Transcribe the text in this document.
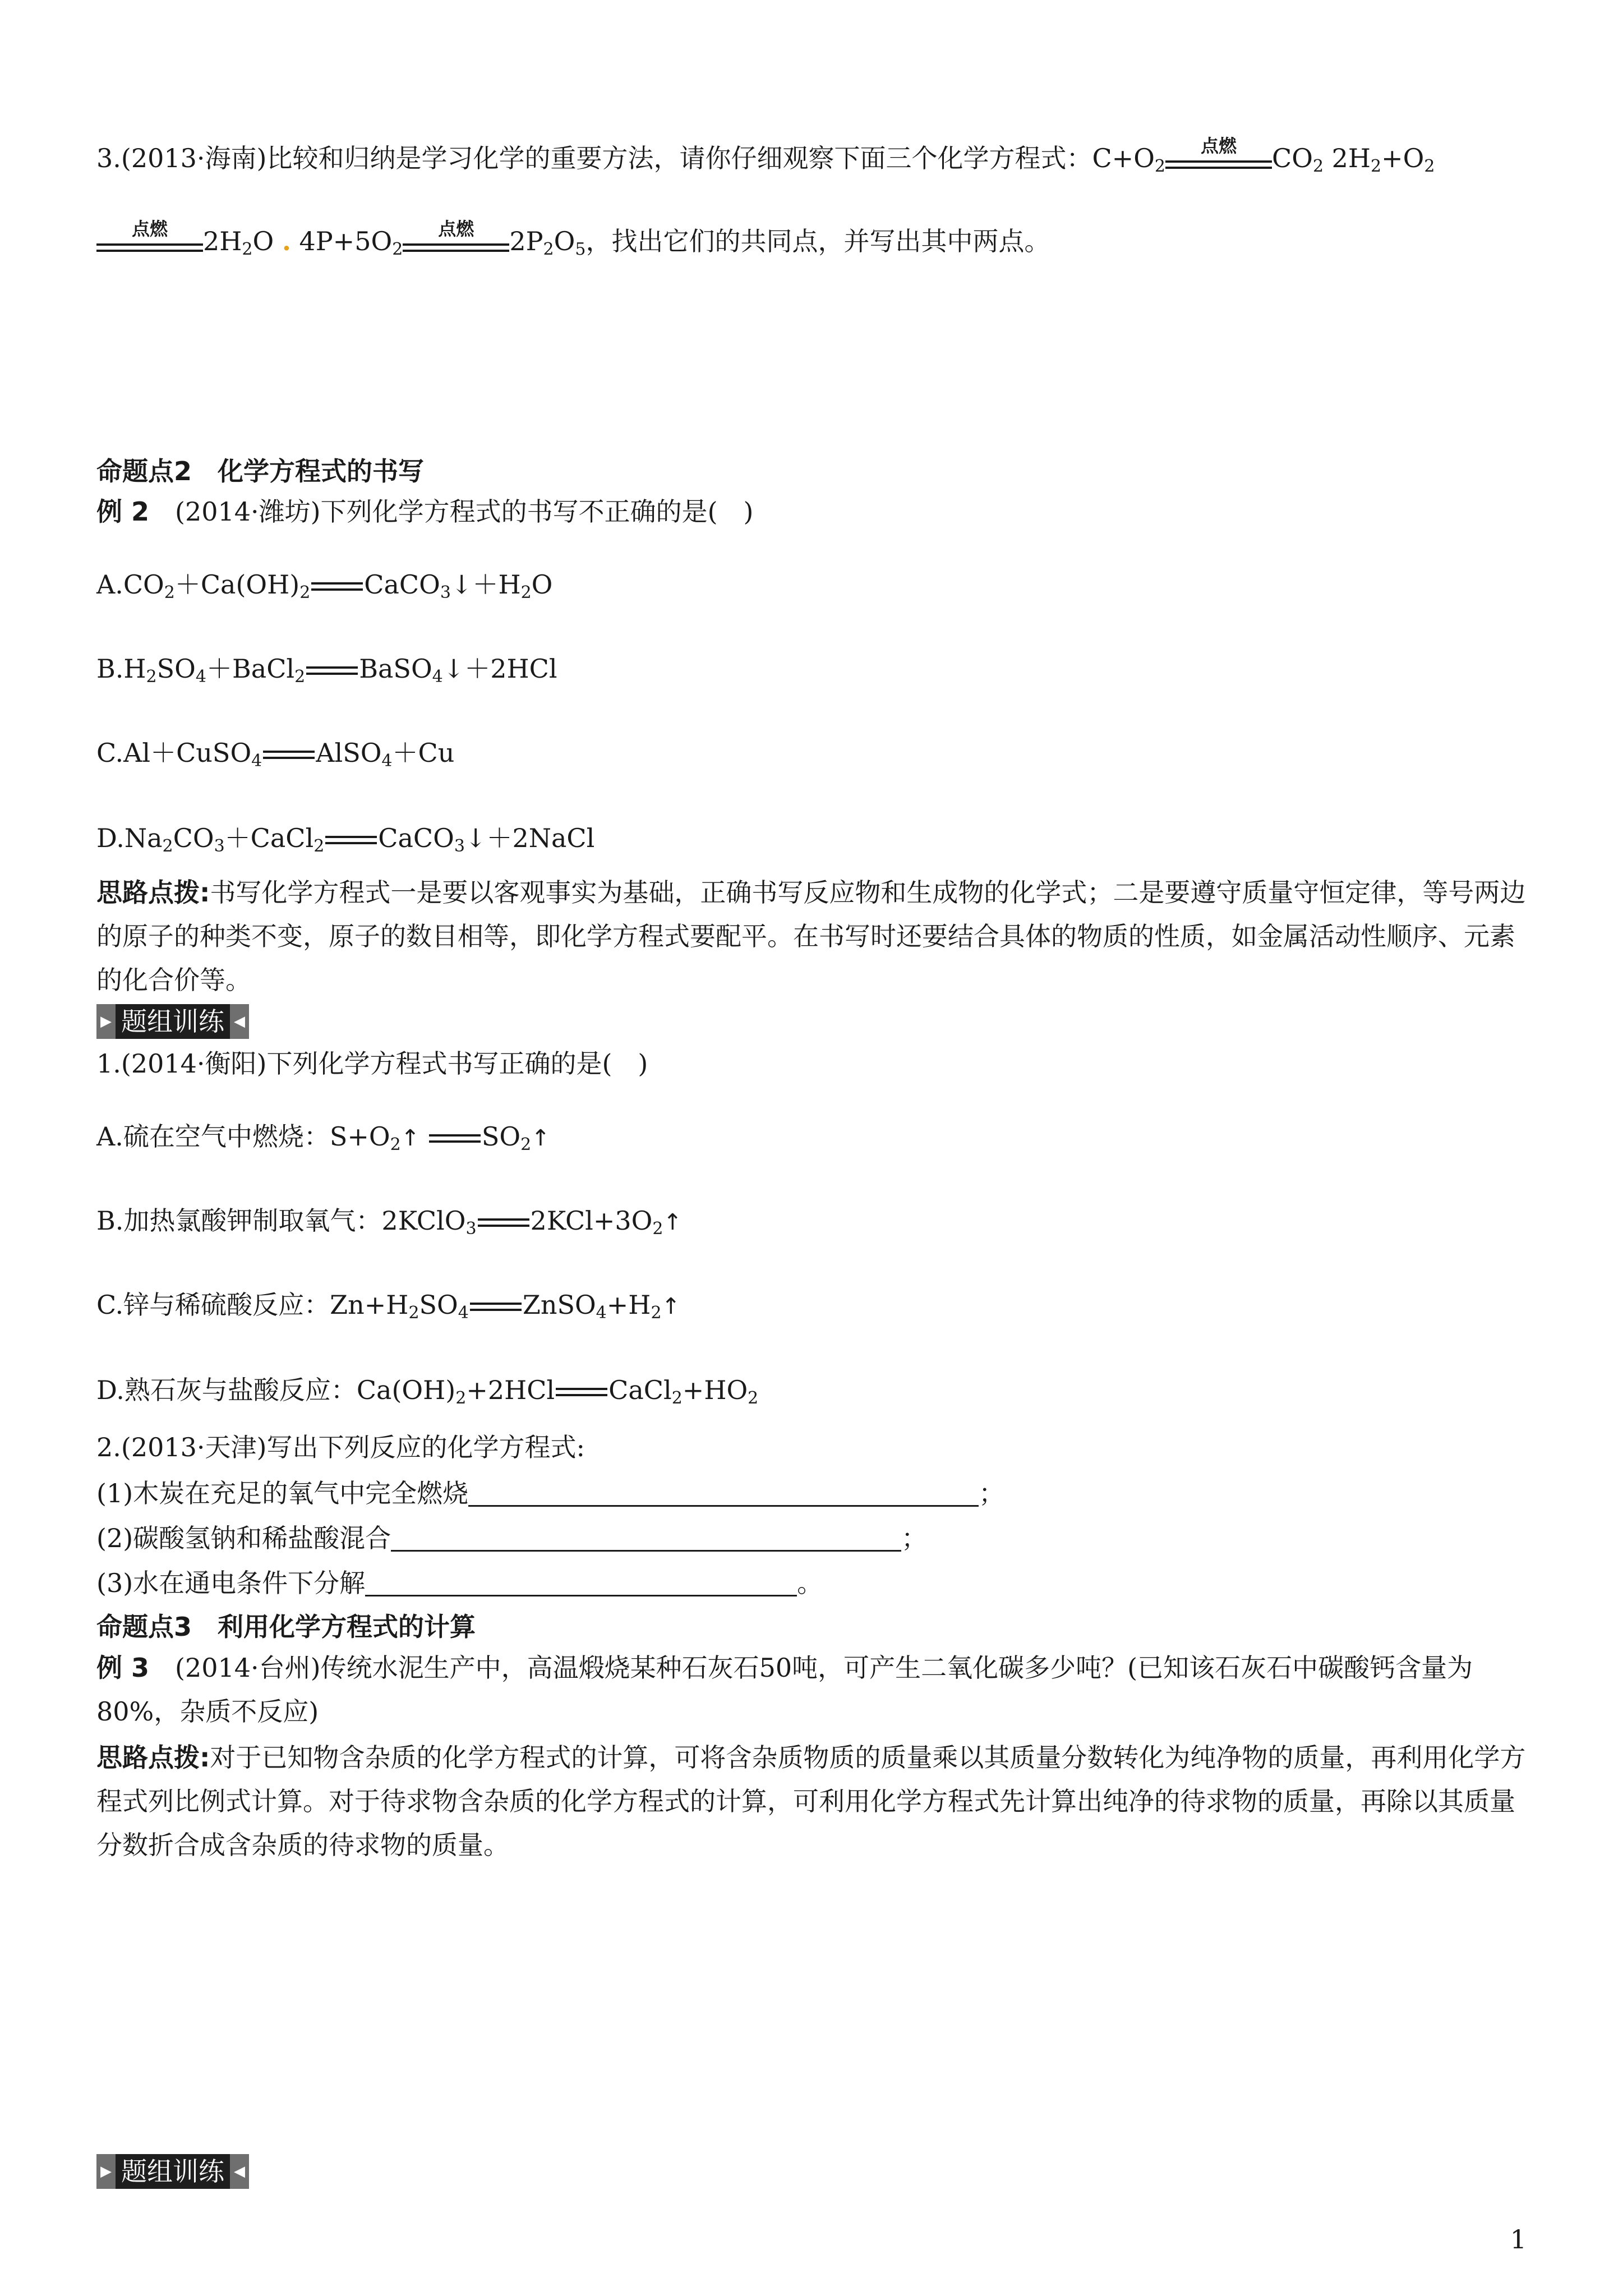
3.(2013·海南)比较和归纳是学习化学的重要方法，请你仔细观察下面三个化学方程式：$C+O_2$
点燃	$CO_2$ $2H_2+O_2$
点燃	$2H_2O$ . $4P+5O_2$
点燃	$2P_2O_5$，找出它们的共同点，并写出其中两点。
命题点2　化学方程式的书写
例 2　(2014·潍坊)下列化学方程式的书写不正确的是(　)
$A.CO_2+Ca(OH)_2$ $CaCO_3↓+H_2O$
$B.H_2SO_4+BaCl_2$ BaSO$_4$↓＋2HCl
C.Al＋CuSO$_4$ AlSO$_4$＋Cu
$D.Na_2CO_3+CaCl_2$ CaCO$_3$↓＋2NaCl
思路点拨:书写化学方程式一是要以客观事实为基础，正确书写反应物和生成物的化学式；二是要遵守质量守恒定律，等号两边的原子的种类不变，原子的数目相等，即化学方程式要配平。在书写时还要结合具体的物质的性质，如金属活动性顺序、元素的化合价等。
▶ 题组训练 ◀
1.(2014·衡阳)下列化学方程式书写正确的是(　)
A.硫在空气中燃烧：$S+O_2↑$ $SO_2↑$
B.加热氯酸钾制取氧气：2KClO$_3$ $2KCl+3O_2↑$
C.锌与稀硫酸反应：$Zn+H_2SO_4$ $ZnSO_4+H_2↑$
D.熟石灰与盐酸反应：$Ca(OH)_2+2HCl$ $CaCl_2+HO_2$
2.(2013·天津)写出下列反应的化学方程式:
(1)木炭在充足的氧气中完全燃烧	；
(2)碳酸氢钠和稀盐酸混合	；
(3)水在通电条件下分解	。
命题点3　利用化学方程式的计算
例 3　(2014·台州)传统水泥生产中，高温煅烧某种石灰石50吨，可产生二氧化碳多少吨？(已知该石灰石中碳酸钙含量为80%，杂质不反应)
思路点拨:对于已知物含杂质的化学方程式的计算，可将含杂质物质的质量乘以其质量分数转化为纯净物的质量，再利用化学方程式列比例式计算。对于待求物含杂质的化学方程式的计算，可利用化学方程式先计算出纯净的待求物的质量，再除以其质量分数折合成含杂质的待求物的质量。
▶ 题组训练 ◀
1
